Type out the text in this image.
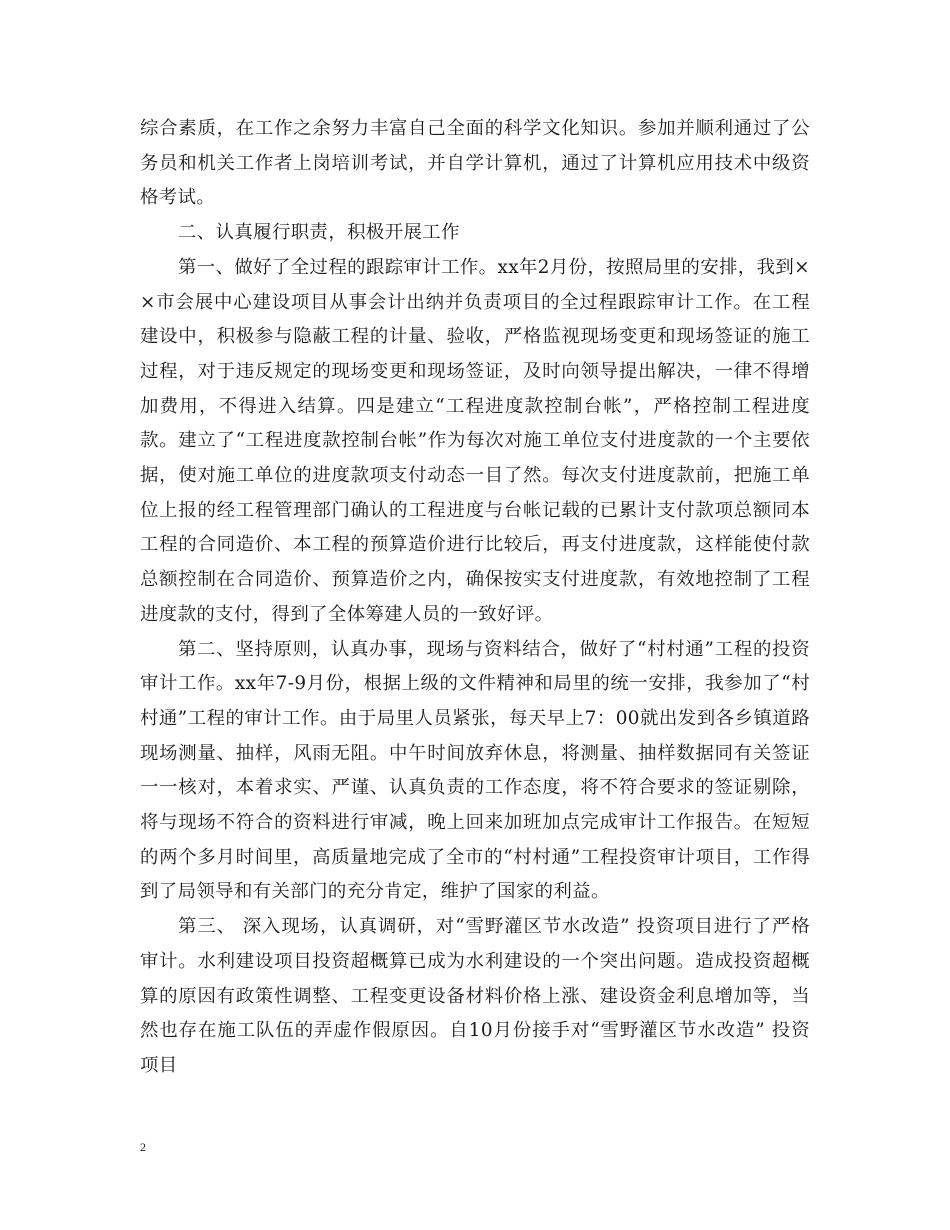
综合素质，在工作之余努力丰富自己全面的科学文化知识。参加并顺利通过了公务员和机关工作者上岗培训考试，并自学计算机，通过了计算机应用技术中级资格考试。

二、认真履行职责，积极开展工作

第一、做好了全过程的跟踪审计工作。xx年2月份，按照局里的安排，我到××市会展中心建设项目从事会计出纳并负责项目的全过程跟踪审计工作。在工程建设中，积极参与隐蔽工程的计量、验收，严格监视现场变更和现场签证的施工过程，对于违反规定的现场变更和现场签证，及时向领导提出解决，一律不得增加费用，不得进入结算。四是建立“工程进度款控制台帐”，严格控制工程进度款。建立了“工程进度款控制台帐”作为每次对施工单位支付进度款的一个主要依据，使对施工单位的进度款项支付动态一目了然。每次支付进度款前，把施工单位上报的经工程管理部门确认的工程进度与台帐记载的已累计支付款项总额同本工程的合同造价、本工程的预算造价进行比较后，再支付进度款，这样能使付款总额控制在合同造价、预算造价之内，确保按实支付进度款，有效地控制了工程进度款的支付，得到了全体筹建人员的一致好评。

第二、坚持原则，认真办事，现场与资料结合，做好了“村村通”工程的投资审计工作。xx年7-9月份，根据上级的文件精神和局里的统一安排，我参加了“村村通”工程的审计工作。由于局里人员紧张，每天早上7：00就出发到各乡镇道路现场测量、抽样，风雨无阻。中午时间放弃休息，将测量、抽样数据同有关签证一一核对，本着求实、严谨、认真负责的工作态度，将不符合要求的签证剔除，将与现场不符合的资料进行审减，晚上回来加班加点完成审计工作报告。在短短的两个多月时间里，高质量地完成了全市的“村村通”工程投资审计项目，工作得到了局领导和有关部门的充分肯定，维护了国家的利益。

第三、 深入现场，认真调研，对“雪野灌区节水改造” 投资项目进行了严格审计。水利建设项目投资超概算已成为水利建设的一个突出问题。造成投资超概算的原因有政策性调整、工程变更设备材料价格上涨、建设资金利息增加等，当然也存在施工队伍的弄虚作假原因。自10月份接手对“雪野灌区节水改造” 投资项目

2
